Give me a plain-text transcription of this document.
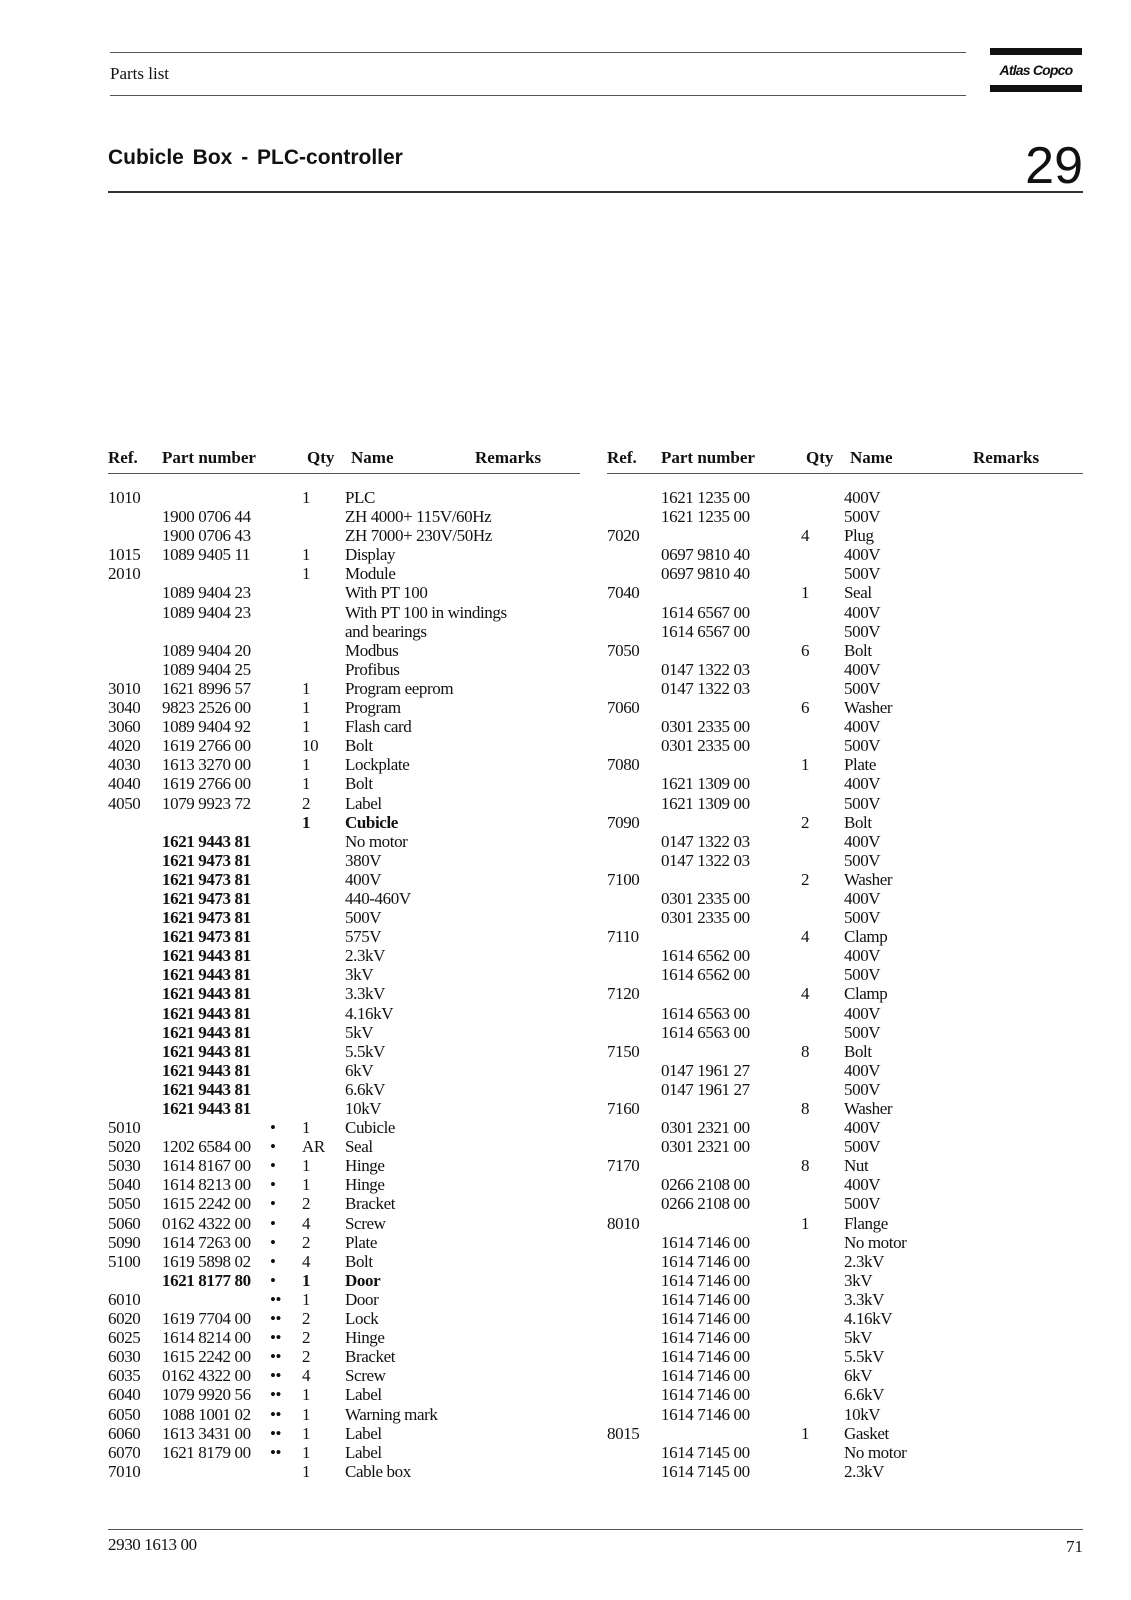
Parts list	Atlas Copco
Cubicle Box - PLC-controller	29
Ref. Part number	Qty Name	Remarks
1010	1 PLC
1900 0706 44	ZH 4000+ 115V/60Hz
1900 0706 43	ZH 7000+ 230V/50Hz
1015 1089 9405 11	1 Display
2010	1 Module
1089 9404 23	With PT 100
1089 9404 23	With PT 100 in windings
and bearings
1089 9404 20	Modbus
1089 9404 25	Profibus
3010 1621 8996 57	1 Program eeprom
3040 9823 2526 00	1 Program
3060 1089 9404 92	1 Flash card
4020 1619 2766 00	10 Bolt
4030 1613 3270 00	1 Lockplate
4040 1619 2766 00	1 Bolt
4050 1079 9923 72	2 Label
1 Cubicle
1621 9443 81	No motor
1621 9473 81	380V
1621 9473 81	400V
1621 9473 81	440-460V
1621 9473 81	500V
1621 9473 81	575V
1621 9443 81	2.3kV
1621 9443 81	3kV
1621 9443 81	3.3kV
1621 9443 81	4.16kV
1621 9443 81	5kV
1621 9443 81	5.5kV
1621 9443 81	6kV
1621 9443 81	6.6kV
1621 9443 81	10kV
5010	• 1 Cubicle
5020 1202 6584 00 • AR Seal
5030 1614 8167 00 • 1 Hinge
5040 1614 8213 00 • 1 Hinge
5050 1615 2242 00 • 2 Bracket
5060 0162 4322 00 • 4 Screw
5090 1614 7263 00 • 2 Plate
5100 1619 5898 02 • 4 Bolt
1621 8177 80 • 1 Door
6010	•• 1 Door
6020 1619 7704 00 •• 2 Lock
6025 1614 8214 00 •• 2 Hinge
6030 1615 2242 00 •• 2 Bracket
6035 0162 4322 00 •• 4 Screw
6040 1079 9920 56 •• 1 Label
6050 1088 1001 02 •• 1 Warning mark
6060 1613 3431 00 •• 1 Label
6070 1621 8179 00 •• 1 Label
7010	1 Cable box
Ref. Part number	Qty Name	Remarks
1621 1235 00	400V
1621 1235 00	500V
7020	4 Plug
0697 9810 40	400V
0697 9810 40	500V
7040	1 Seal
1614 6567 00	400V
1614 6567 00	500V
7050	6 Bolt
0147 1322 03	400V
0147 1322 03	500V
7060	6 Washer
0301 2335 00	400V
0301 2335 00	500V
7080	1 Plate
1621 1309 00	400V
1621 1309 00	500V
7090	2 Bolt
0147 1322 03	400V
0147 1322 03	500V
7100	2 Washer
0301 2335 00	400V
0301 2335 00	500V
7110	4 Clamp
1614 6562 00	400V
1614 6562 00	500V
7120	4 Clamp
1614 6563 00	400V
1614 6563 00	500V
7150	8 Bolt
0147 1961 27	400V
0147 1961 27	500V
7160	8 Washer
0301 2321 00	400V
0301 2321 00	500V
7170	8 Nut
0266 2108 00	400V
0266 2108 00	500V
8010	1 Flange
1614 7146 00	No motor
1614 7146 00	2.3kV
1614 7146 00	3kV
1614 7146 00	3.3kV
1614 7146 00	4.16kV
1614 7146 00	5kV
1614 7146 00	5.5kV
1614 7146 00	6kV
1614 7146 00	6.6kV
1614 7146 00	10kV
8015	1 Gasket
1614 7145 00	No motor
1614 7145 00	2.3kV
2930 1613 00	71
